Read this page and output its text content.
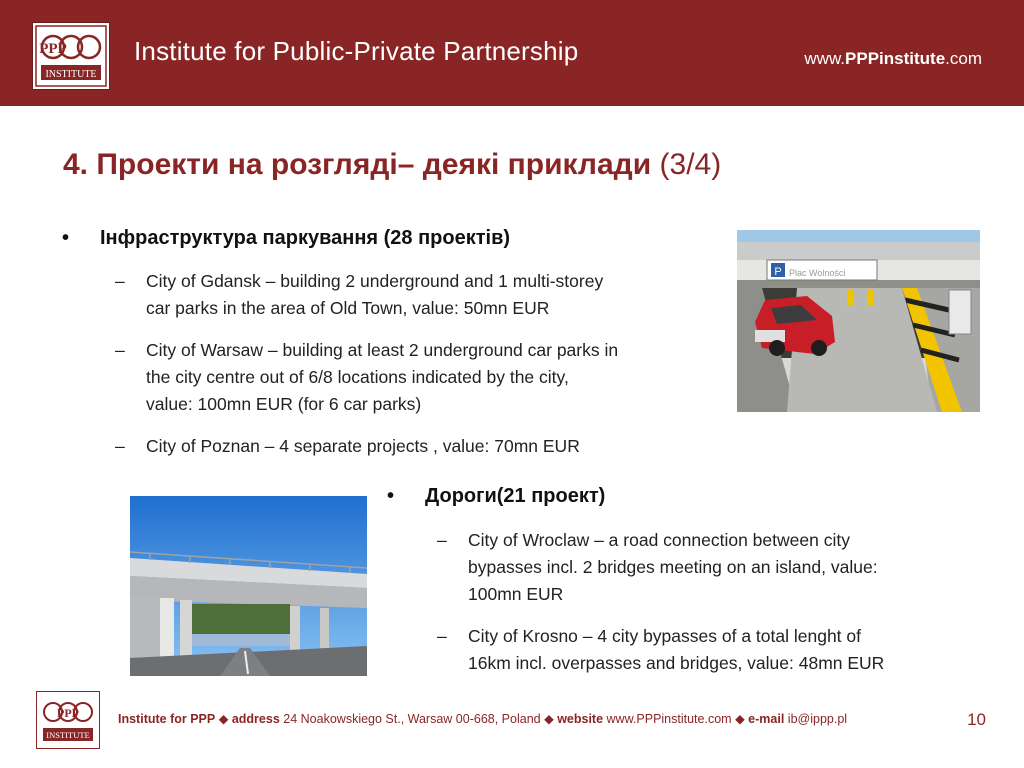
PPP
INSTITUTE
Institute for Public-Private Partnership	www.PPPinstitute.com
4. Проекти на розгляді– деякі приклади (3/4)
• Інфраструктура паркування (28 проектів)
– City of Gdansk – building 2 underground and 1 multi-storey
car parks in the area of Old Town, value: 50mn EUR
– City of Warsaw – building at least 2 underground car parks in
the city centre out of 6/8 locations indicated by the city,
value: 100mn EUR (for 6 car parks)
– City of Poznan – 4 separate projects , value: 70mn EUR
P Plac Wolności
• Дороги(21 проект)
– City of Wroclaw – a road connection between city
bypasses incl. 2 bridges meeting on an island, value:
100mn EUR
– City of Krosno – 4 city bypasses of a total lenght of
16km incl. overpasses and bridges, value: 48mn EUR
PPP
INSTITUTE
Institute for PPP ◆ address 24 Noakowskiego St., Warsaw 00-668, Poland ◆ website www.PPPinstitute.com ◆ e-mail ib@ippp.pl	10
